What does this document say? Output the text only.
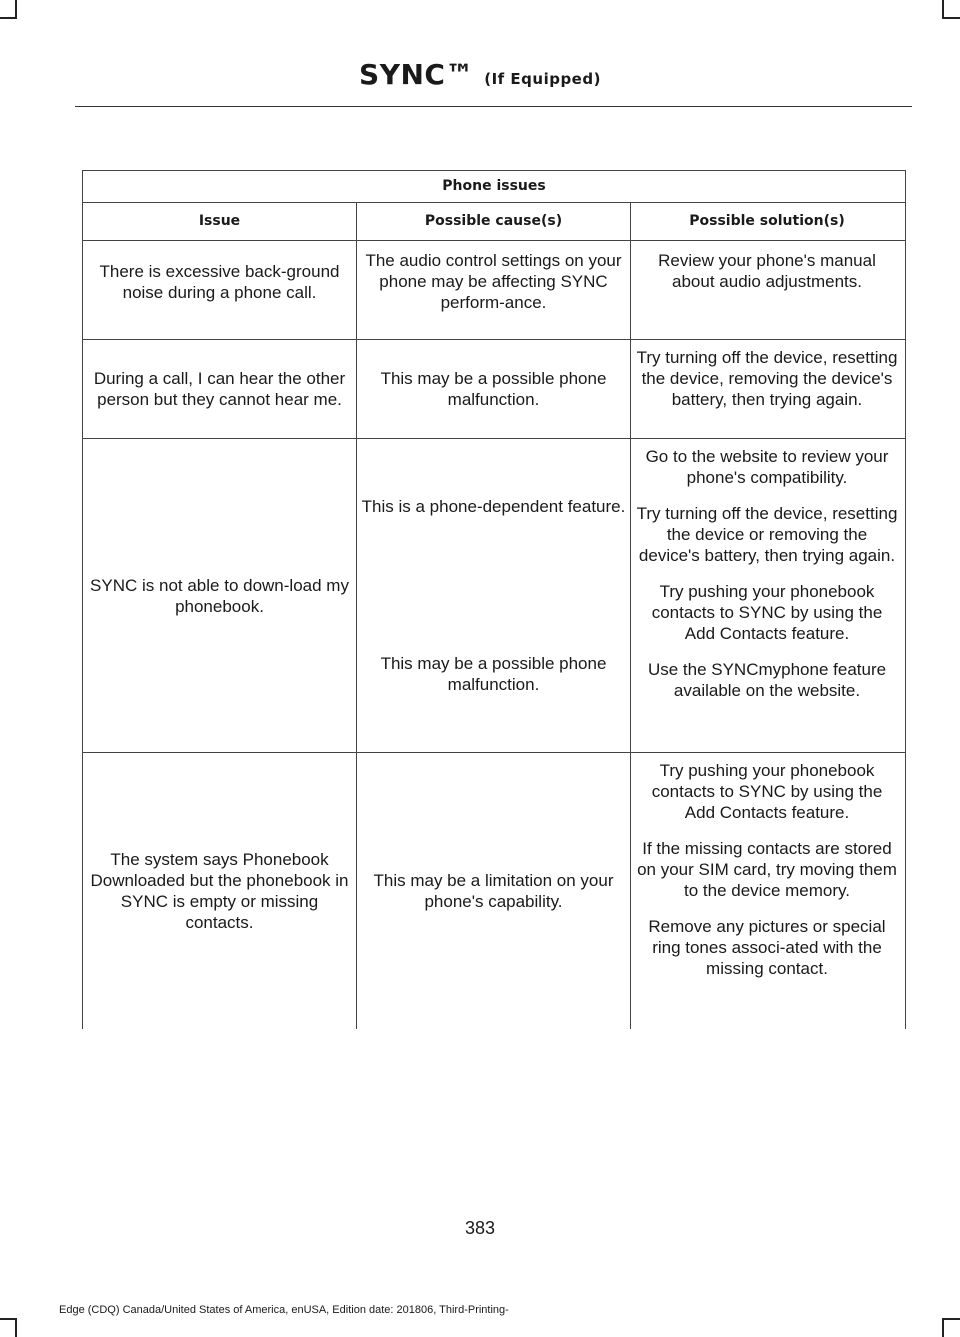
SYNC™ (If Equipped)
Phone issues
Issue	Possible cause(s)	Possible solution(s)
There is excessive back-ground noise during a phone call.
The audio control settings on your phone may be affecting SYNC perform-ance.
Review your phone's manual about audio adjustments.
During a call, I can hear the other person but they cannot hear me.
This may be a possible phone malfunction.
Try turning off the device, resetting the device, removing the device's battery, then trying again.
SYNC is not able to down-load my phonebook.
This is a phone-dependent feature.
This may be a possible phone malfunction.

Go to the website to review your phone's compatibility.

Try turning off the device, resetting the device or removing the device's battery, then trying again.

Try pushing your phonebook contacts to SYNC by using the Add Contacts feature.

Use the SYNCmyphone feature available on the website.

The system says Phonebook Downloaded but the phonebook in SYNC is empty or missing contacts.
This may be a limitation on your phone's capability.

Try pushing your phonebook contacts to SYNC by using the Add Contacts feature.

If the missing contacts are stored on your SIM card, try moving them to the device memory.

Remove any pictures or special ring tones associ-ated with the missing contact.

383
Edge (CDQ) Canada/United States of America, enUSA, Edition date: 201806, Third-Printing-
